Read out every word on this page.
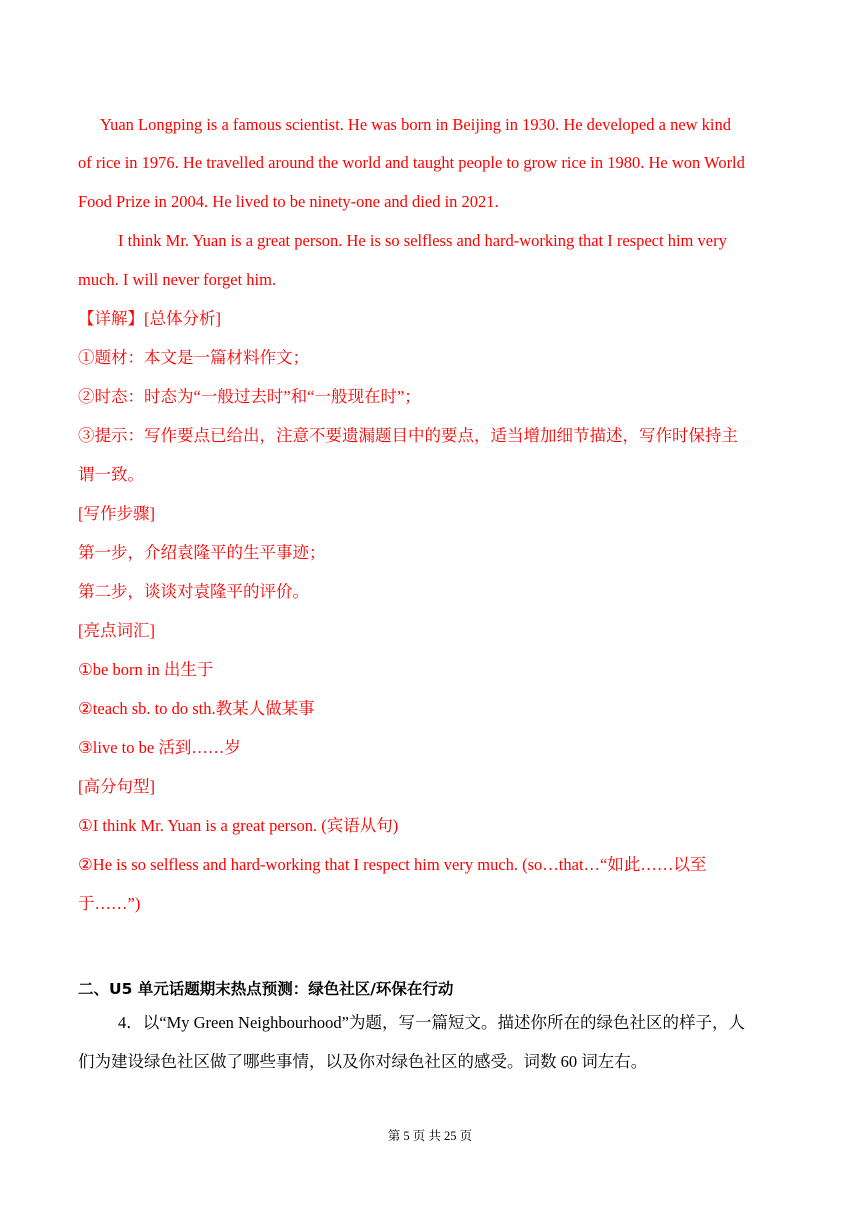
Yuan Longping is a famous scientist. He was born in Beijing in 1930. He developed a new kind
of rice in 1976. He travelled around the world and taught people to grow rice in 1980. He won World
Food Prize in 2004. He lived to be ninety-one and died in 2021.
I think Mr. Yuan is a great person. He is so selfless and hard-working that I respect him very
much. I will never forget him.
【详解】[总体分析]
①题材：本文是一篇材料作文；
②时态：时态为“一般过去时”和“一般现在时”；
③提示：写作要点已给出，注意不要遗漏题目中的要点，适当增加细节描述，写作时保持主
谓一致。
[写作步骤]
第一步，介绍袁隆平的生平事迹；
第二步，谈谈对袁隆平的评价。
[亮点词汇]
①be born in 出生于
②teach sb. to do sth.教某人做某事
③live to be 活到……岁
[高分句型]
①I think Mr. Yuan is a great person. (宾语从句)
②He is so selfless and hard-working that I respect him very much. (so…that…“如此……以至
于……”)
二、U5 单元话题期末热点预测：绿色社区/环保在行动
4．以“My Green Neighbourhood”为题，写一篇短文。描述你所在的绿色社区的样子，人
们为建设绿色社区做了哪些事情，以及你对绿色社区的感受。词数 60 词左右。
第 5 页 共 25 页
